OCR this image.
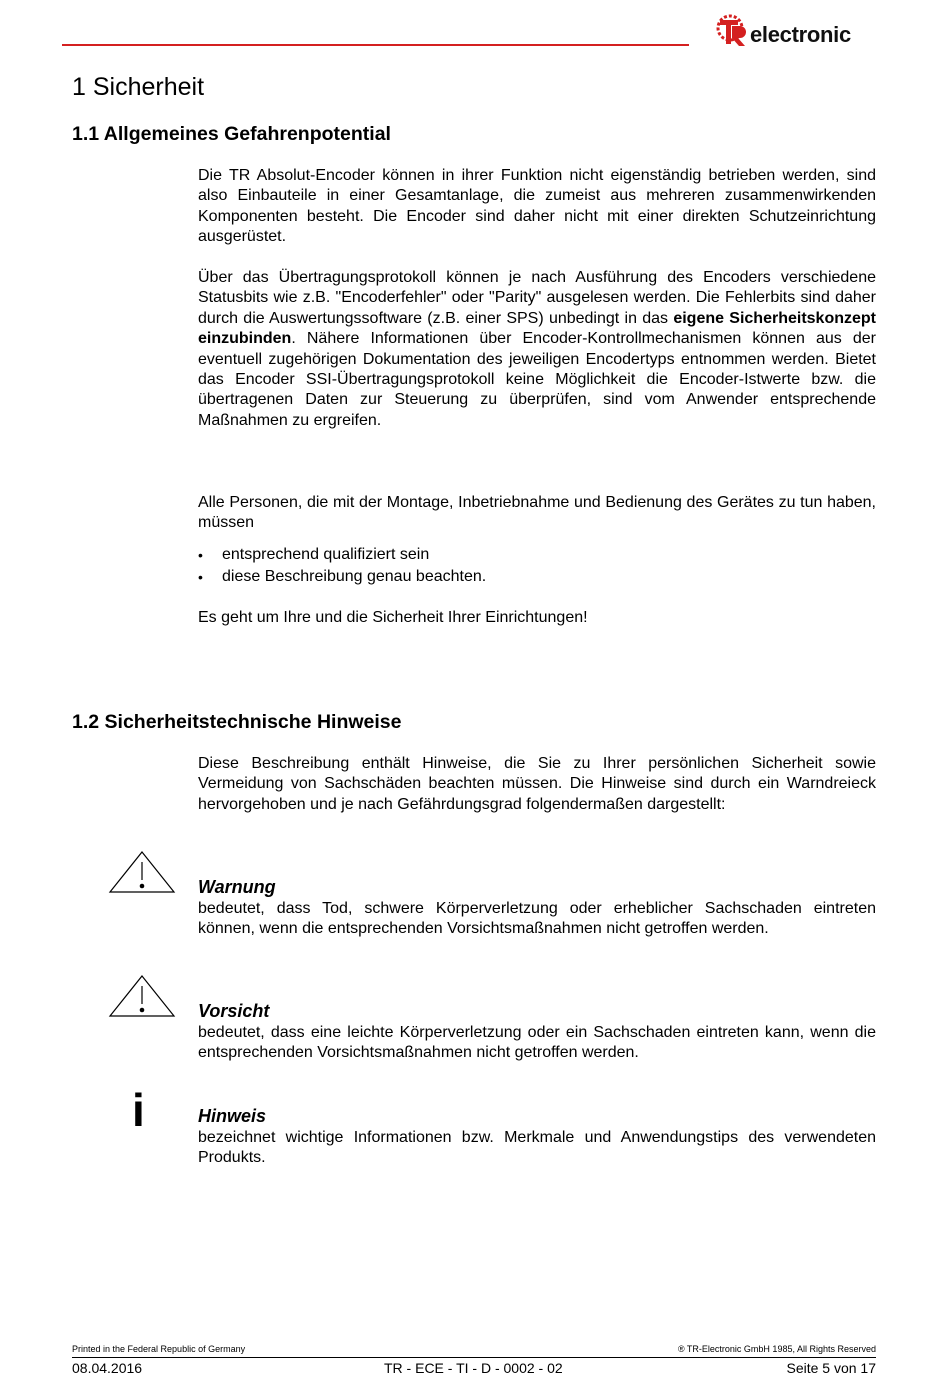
electronic
1 Sicherheit
1.1 Allgemeines Gefahrenpotential

Die TR Absolut-Encoder können in ihrer Funktion nicht eigenständig betrieben werden, sind also Einbauteile in einer Gesamtanlage, die zumeist aus mehreren zusammenwirkenden Komponenten besteht. Die Encoder sind daher nicht mit einer direkten Schutzeinrichtung ausgerüstet.

Über das Übertragungsprotokoll können je nach Ausführung des Encoders verschiedene Statusbits wie z.B. "Encoderfehler" oder "Parity" ausgelesen werden. Die Fehlerbits sind daher durch die Auswertungssoftware (z.B. einer SPS) unbedingt in das eigene Sicherheitskonzept einzubinden. Nähere Informationen über Encoder-Kontrollmechanismen können aus der eventuell zugehörigen Dokumentation des jeweiligen Encodertyps entnommen werden. Bietet das Encoder SSI-Übertragungsprotokoll keine Möglichkeit die Encoder-Istwerte bzw. die übertragenen Daten zur Steuerung zu überprüfen, sind vom Anwender entsprechende Maßnahmen zu ergreifen.

Alle Personen, die mit der Montage, Inbetriebnahme und Bedienung des Gerätes zu tun haben, müssen

• entsprechend qualifiziert sein
• diese Beschreibung genau beachten.

Es geht um Ihre und die Sicherheit Ihrer Einrichtungen!

1.2 Sicherheitstechnische Hinweise

Diese Beschreibung enthält Hinweise, die Sie zu Ihrer persönlichen Sicherheit sowie Vermeidung von Sachschäden beachten müssen. Die Hinweise sind durch ein Warndreieck hervorgehoben und je nach Gefährdungsgrad folgendermaßen dargestellt:

Warnung

bedeutet, dass Tod, schwere Körperverletzung oder erheblicher Sachschaden eintreten können, wenn die entsprechenden Vorsichtsmaßnahmen nicht getroffen werden.

Vorsicht

bedeutet, dass eine leichte Körperverletzung oder ein Sachschaden eintreten kann, wenn die entsprechenden Vorsichtsmaßnahmen nicht getroffen werden.

i	Hinweis

bezeichnet wichtige Informationen bzw. Merkmale und Anwendungstips des verwendeten Produkts.

Printed in the Federal Republic of Germany	® TR-Electronic GmbH 1985, All Rights Reserved
08.04.2016	TR - ECE - TI - D - 0002 - 02	Seite 5 von 17
